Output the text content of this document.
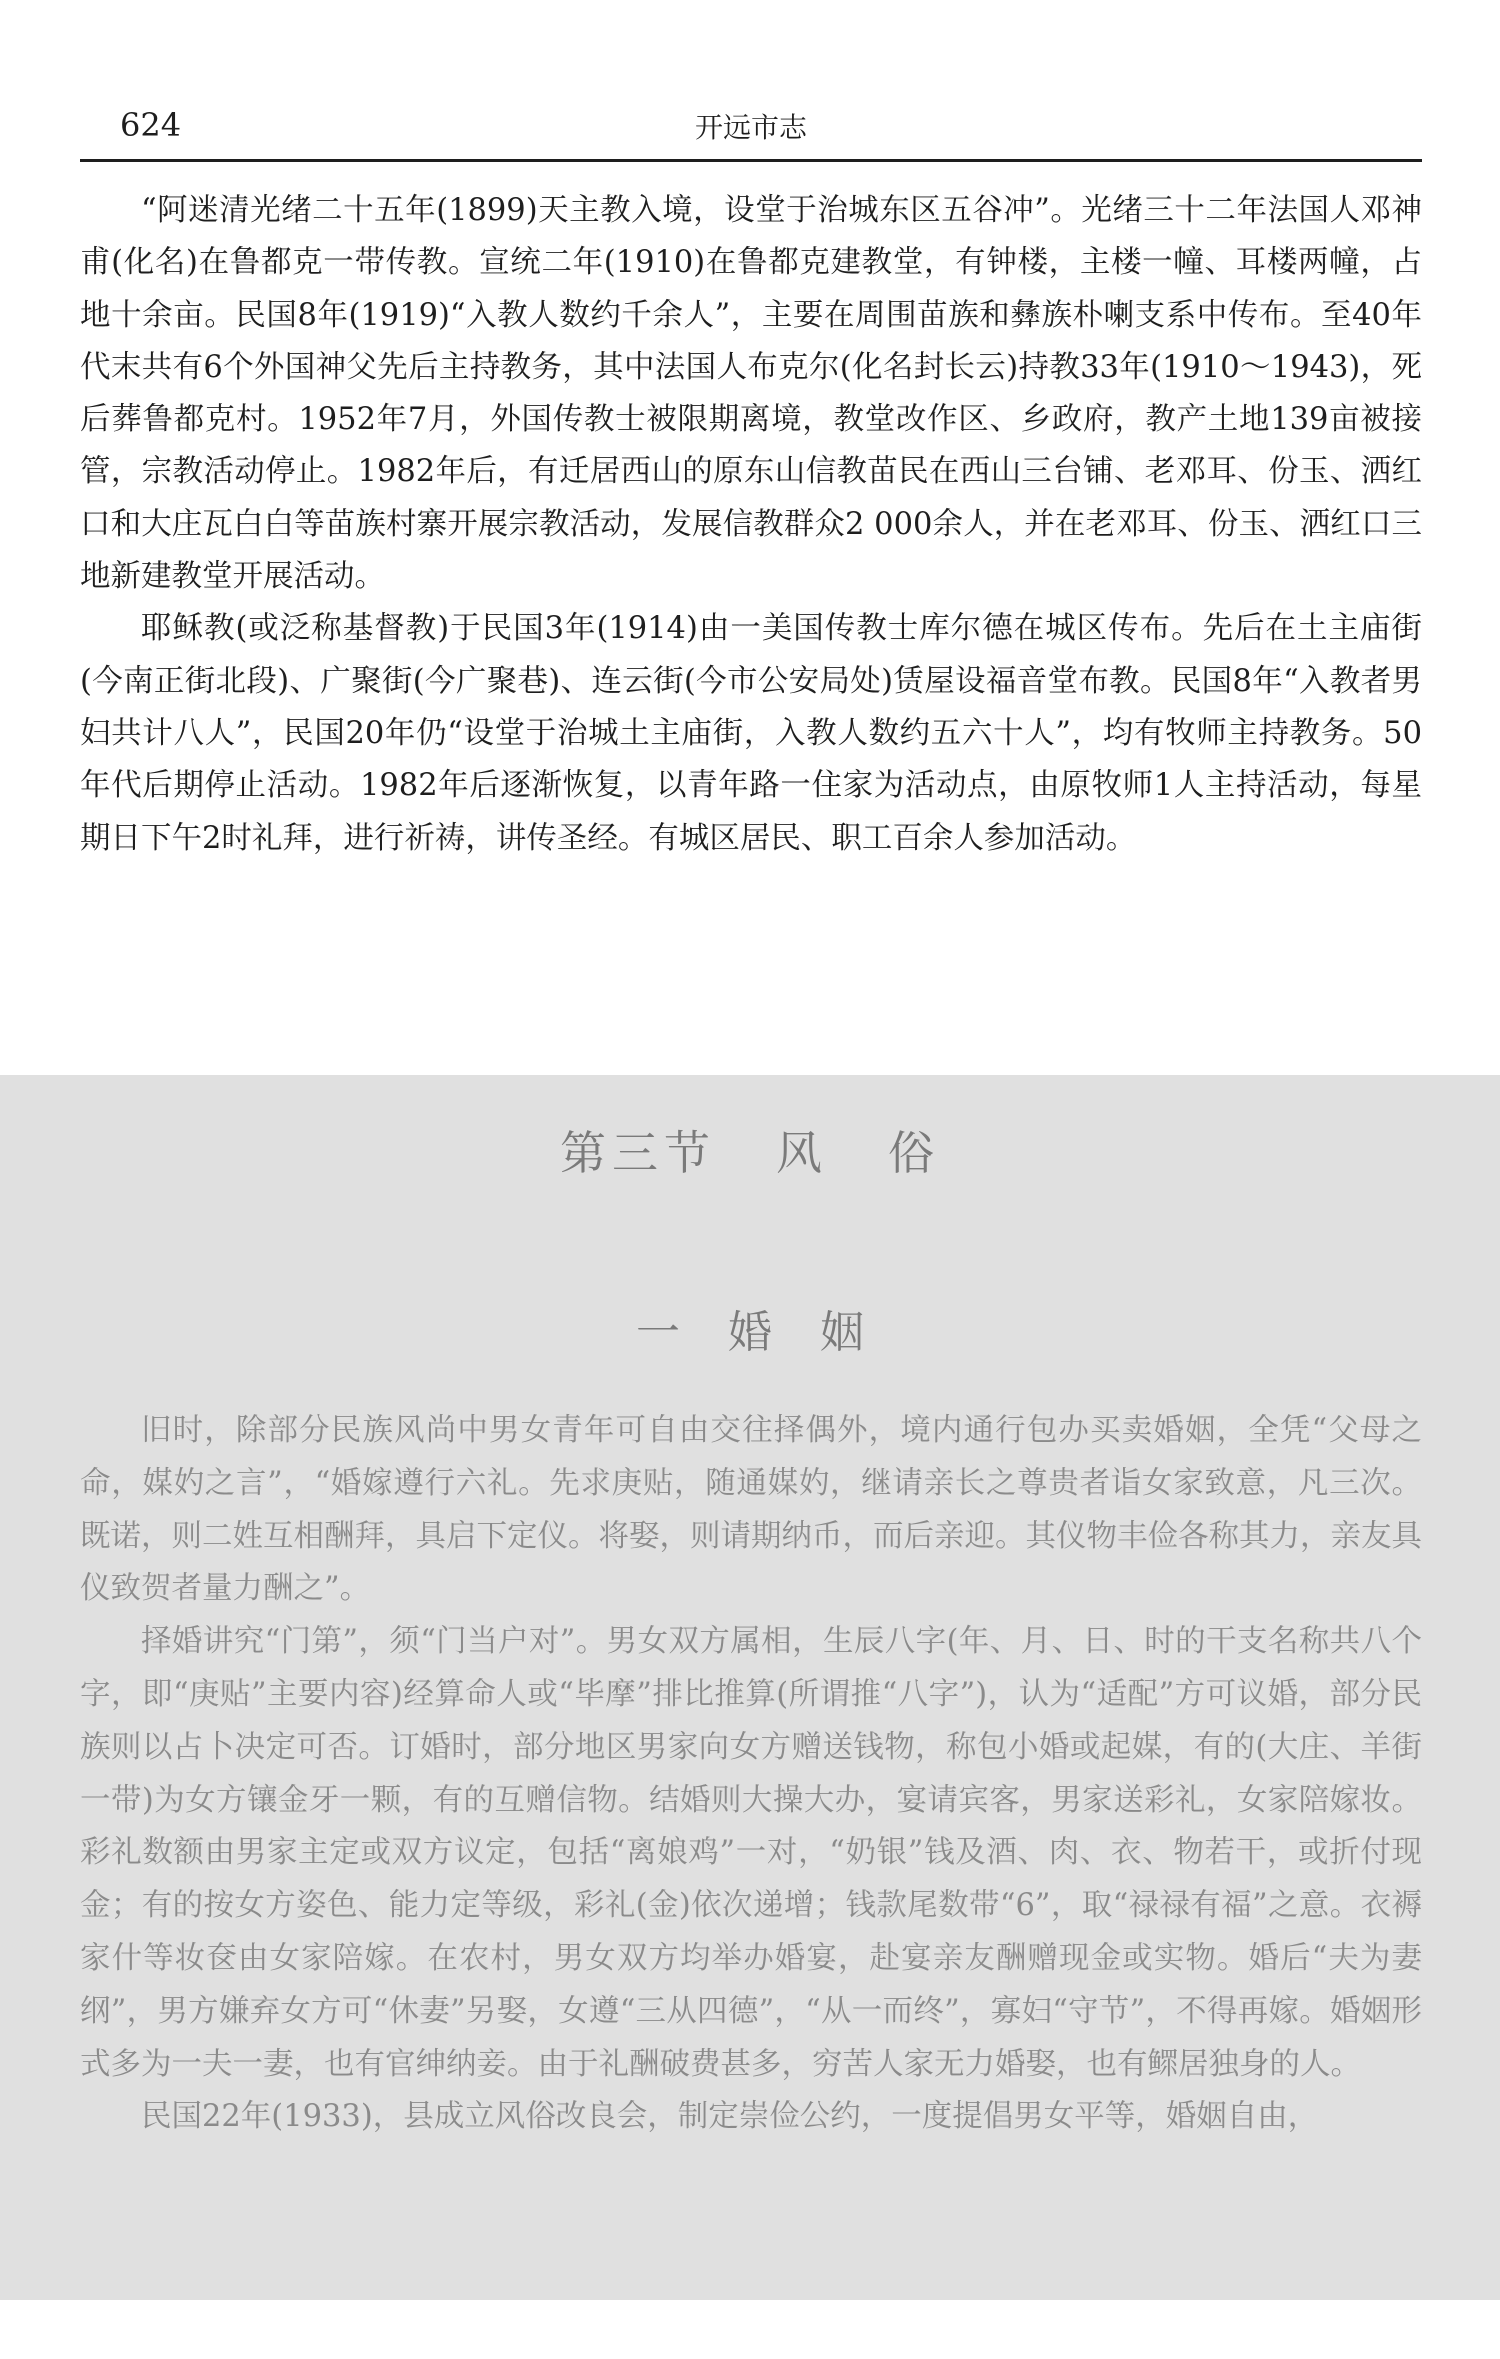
624	开远市志

“阿迷清光绪二十五年(1899)天主教入境，设堂于治城东区五谷冲”。光绪三十二年法国人邓神甫(化名)在鲁都克一带传教。宣统二年(1910)在鲁都克建教堂，有钟楼，主楼一幢、耳楼两幢，占地十余亩。民国8年(1919)“入教人数约千余人”，主要在周围苗族和彝族朴喇支系中传布。至40年代末共有6个外国神父先后主持教务，其中法国人布克尔(化名封长云)持教33年(1910～1943)，死后葬鲁都克村。1952年7月，外国传教士被限期离境，教堂改作区、乡政府，教产土地139亩被接管，宗教活动停止。1982年后，有迁居西山的原东山信教苗民在西山三台铺、老邓耳、份玉、洒红口和大庄瓦白白等苗族村寨开展宗教活动，发展信教群众2 000余人，并在老邓耳、份玉、洒红口三地新建教堂开展活动。

耶稣教(或泛称基督教)于民国3年(1914)由一美国传教士库尔德在城区传布。先后在土主庙街(今南正街北段)、广聚街(今广聚巷)、连云街(今市公安局处)赁屋设福音堂布教。民国8年“入教者男妇共计八人”，民国20年仍“设堂于治城土主庙街，入教人数约五六十人”，均有牧师主持教务。50年代后期停止活动。1982年后逐渐恢复，以青年路一住家为活动点，由原牧师1人主持活动，每星期日下午2时礼拜，进行祈祷，讲传圣经。有城区居民、职工百余人参加活动。

第三节 风 俗
一 婚 姻

旧时，除部分民族风尚中男女青年可自由交往择偶外，境内通行包办买卖婚姻，全凭“父母之命，媒妁之言”，“婚嫁遵行六礼。先求庚贴，随通媒妁，继请亲长之尊贵者诣女家致意，凡三次。既诺，则二姓互相酬拜，具启下定仪。将娶，则请期纳币，而后亲迎。其仪物丰俭各称其力，亲友具仪致贺者量力酬之”。

择婚讲究“门第”，须“门当户对”。男女双方属相，生辰八字(年、月、日、时的干支名称共八个字，即“庚贴”主要内容)经算命人或“毕摩”排比推算(所谓推“八字”)，认为“适配”方可议婚，部分民族则以占卜决定可否。订婚时，部分地区男家向女方赠送钱物，称包小婚或起媒，有的(大庄、羊街一带)为女方镶金牙一颗，有的互赠信物。结婚则大操大办，宴请宾客，男家送彩礼，女家陪嫁妆。彩礼数额由男家主定或双方议定，包括“离娘鸡”一对，“奶银”钱及酒、肉、衣、物若干，或折付现金；有的按女方姿色、能力定等级，彩礼(金)依次递增；钱款尾数带“6”，取“禄禄有福”之意。衣褥家什等妆奁由女家陪嫁。在农村，男女双方均举办婚宴，赴宴亲友酬赠现金或实物。婚后“夫为妻纲”，男方嫌弃女方可“休妻”另娶，女遵“三从四德”，“从一而终”，寡妇“守节”，不得再嫁。婚姻形式多为一夫一妻，也有官绅纳妾。由于礼酬破费甚多，穷苦人家无力婚娶，也有鳏居独身的人。

民国22年(1933)，县成立风俗改良会，制定崇俭公约，一度提倡男女平等，婚姻自由，
